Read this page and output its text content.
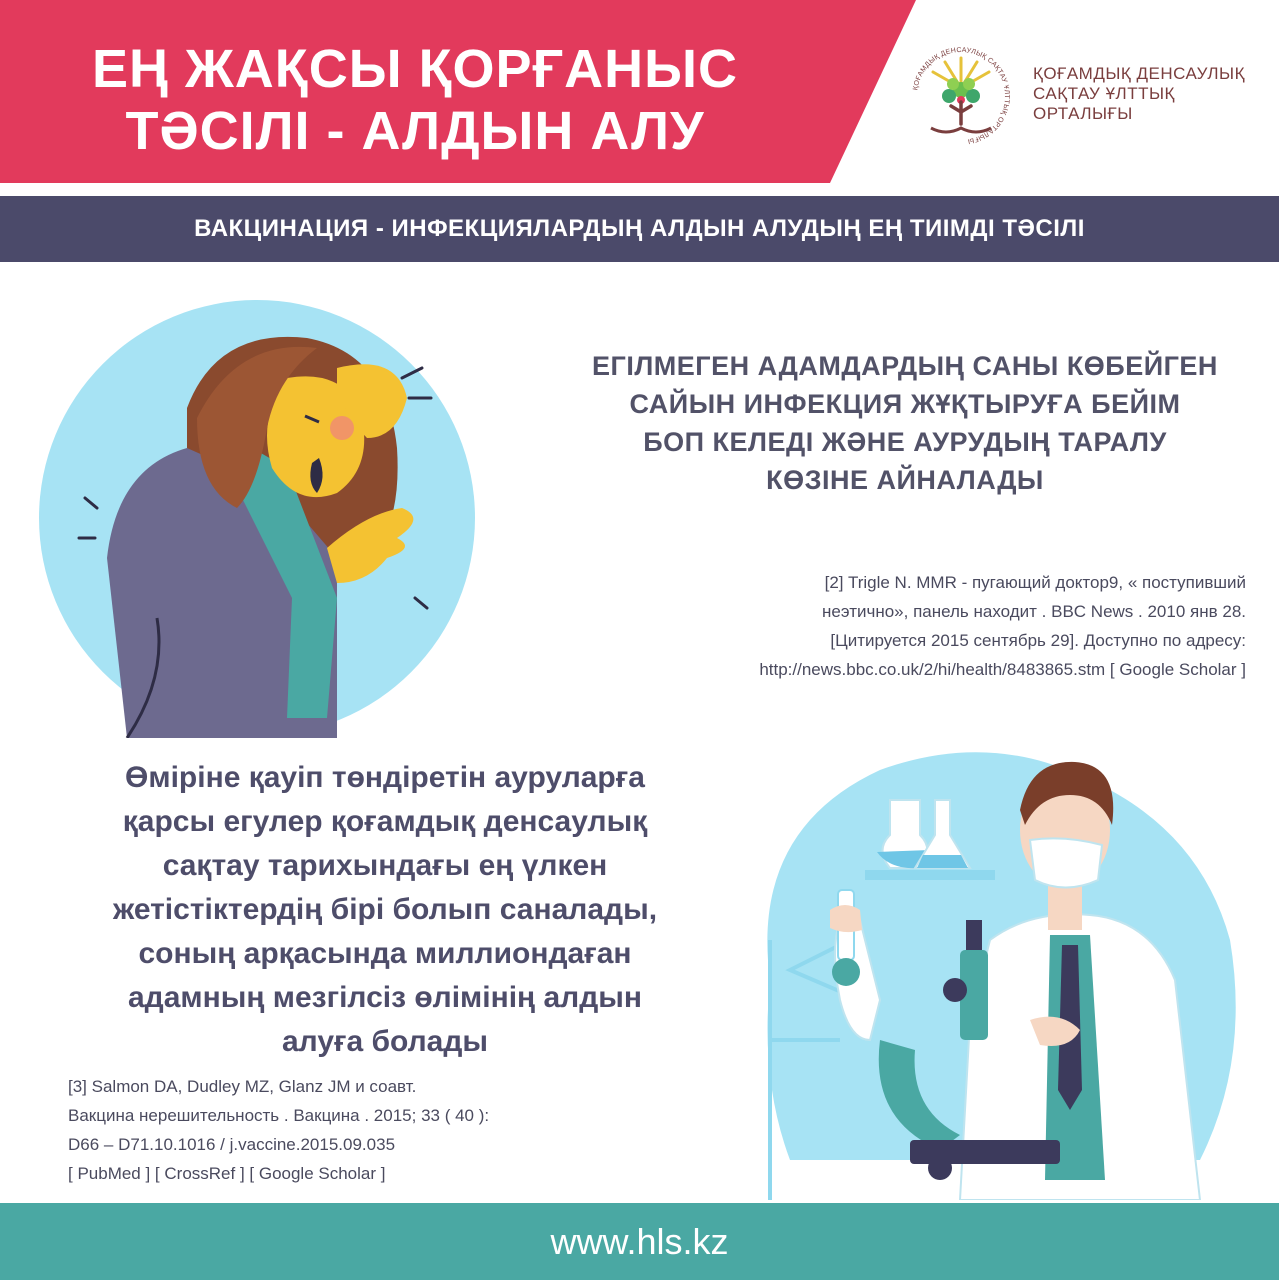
ЕҢ ЖАҚСЫ ҚОРҒАНЫС
ТӘСІЛІ - АЛДЫН АЛУ
ҚОҒАМДЫҚ ДЕНСАУЛЫҚ САҚТАУ ҰЛТТЫҚ ОРТАЛЫҒЫ
ҚОҒАМДЫҚ ДЕНСАУЛЫҚ
САҚТАУ ҰЛТТЫҚ
ОРТАЛЫҒЫ
ВАКЦИНАЦИЯ - ИНФЕКЦИЯЛАРДЫҢ АЛДЫН АЛУДЫҢ ЕҢ ТИІМДІ ТӘСІЛІ
ЕГІЛМЕГЕН АДАМДАРДЫҢ САНЫ КӨБЕЙГЕН
САЙЫН ИНФЕКЦИЯ ЖҰҚТЫРУҒА БЕЙІМ
БОП КЕЛЕДІ ЖӘНЕ АУРУДЫҢ ТАРАЛУ
КӨЗІНЕ АЙНАЛАДЫ
[2] Trigle N. MMR - пугающий доктор9, « поступивший
неэтично», панель находит . BBC News . 2010 янв 28.
[Цитируется 2015 сентябрь 29]. Доступно по адресу:
http://news.bbc.co.uk/2/hi/health/8483865.stm [ Google Scholar ]
Өміріне қауіп төндіретін ауруларға
қарсы егулер қоғамдық денсаулық
сақтау тарихындағы ең үлкен
жетістіктердің бірі болып саналады,
соның арқасында миллиондаған
адамның мезгілсіз өлімінің алдын
алуға болады
[3] Salmon DA, Dudley MZ, Glanz JM и соавт.
Вакцина нерешительность . Вакцина . 2015; 33 ( 40 ):
D66 – D71.10.1016 / j.vaccine.2015.09.035
[ PubMed ] [ CrossRef ] [ Google Scholar ]
www.hls.kz
